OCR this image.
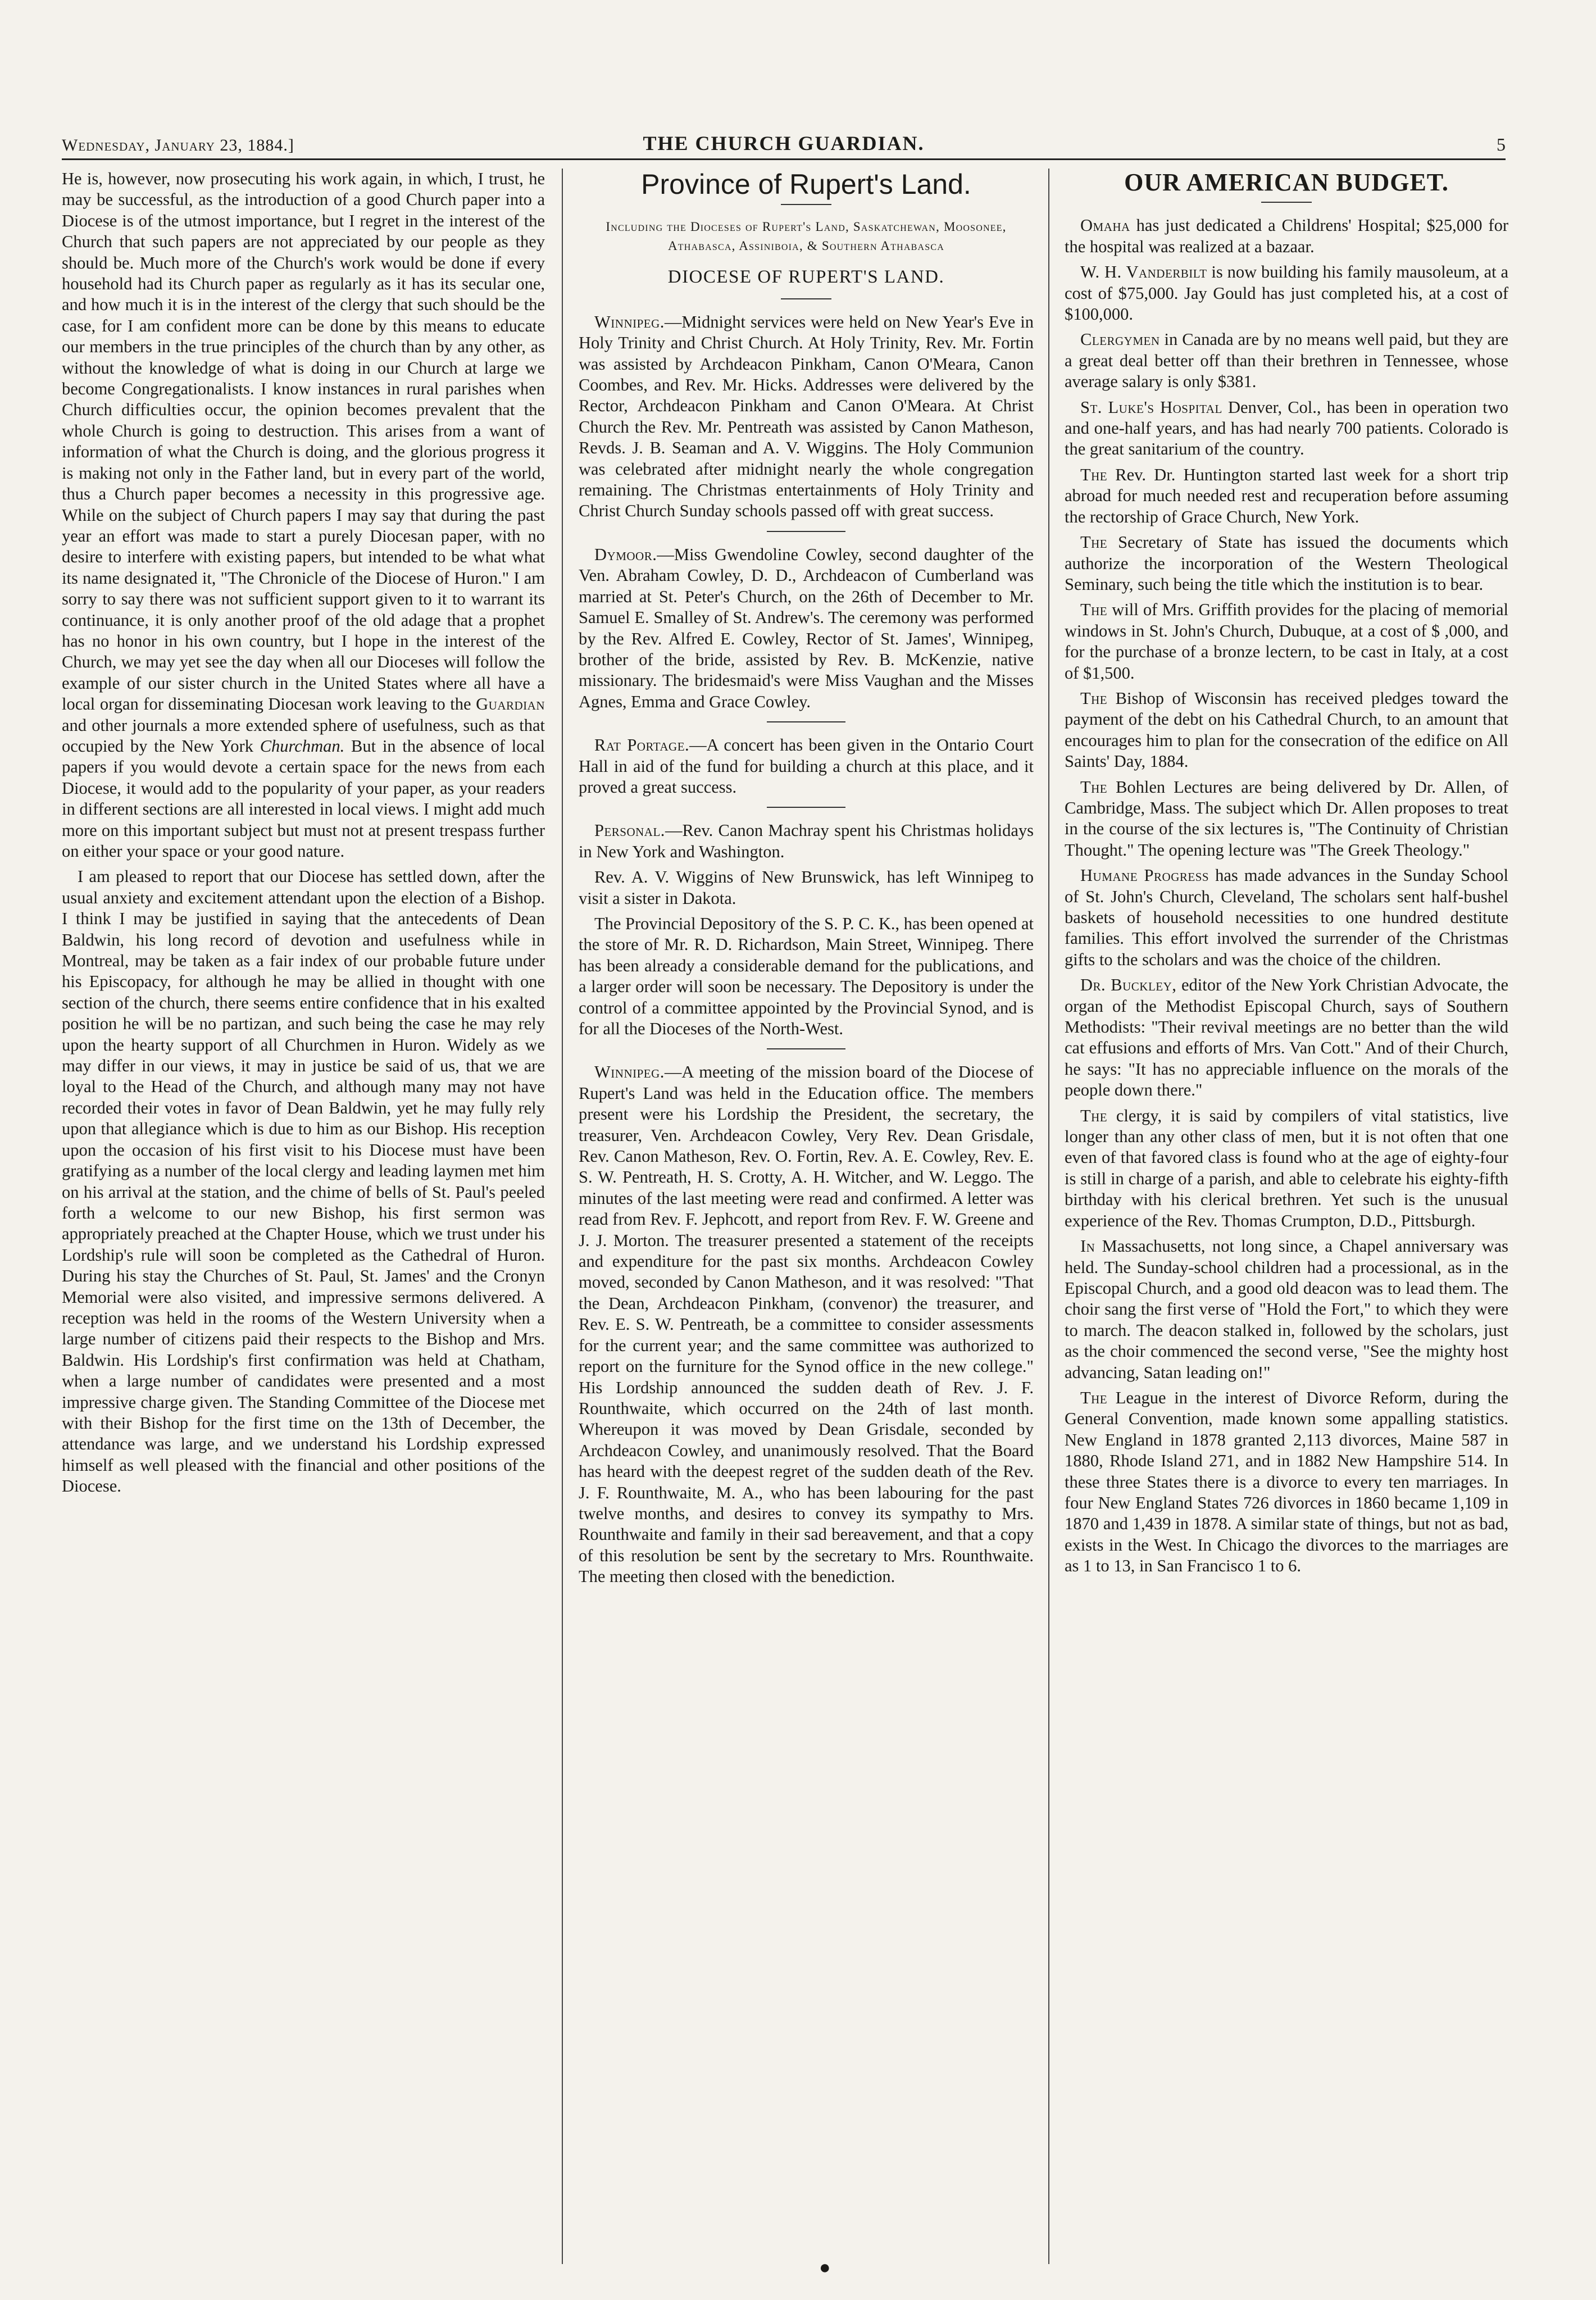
Wednesday, January 23, 1884.]	THE CHURCH GUARDIAN.	5

He is, however, now prosecuting his work again, in which, I trust, he may be successful, as the introduction of a good Church paper into a Diocese is of the utmost importance, but I regret in the interest of the Church that such papers are not appreciated by our people as they should be. Much more of the Church's work would be done if every household had its Church paper as regularly as it has its secular one, and how much it is in the interest of the clergy that such should be the case, for I am confident more can be done by this means to educate our members in the true principles of the church than by any other, as without the knowledge of what is doing in our Church at large we become Congregationalists. I know instances in rural parishes when Church difficulties occur, the opinion becomes prevalent that the whole Church is going to destruction. This arises from a want of information of what the Church is doing, and the glorious progress it is making not only in the Father land, but in every part of the world, thus a Church paper becomes a necessity in this progressive age. While on the subject of Church papers I may say that during the past year an effort was made to start a purely Diocesan paper, with no desire to interfere with existing papers, but intended to be what what its name designated it, "The Chronicle of the Diocese of Huron." I am sorry to say there was not sufficient support given to it to warrant its continuance, it is only another proof of the old adage that a prophet has no honor in his own country, but I hope in the interest of the Church, we may yet see the day when all our Dioceses will follow the example of our sister church in the United States where all have a local organ for disseminating Diocesan work leaving to the Guardian and other journals a more extended sphere of usefulness, such as that occupied by the New York Churchman. But in the absence of local papers if you would devote a certain space for the news from each Diocese, it would add to the popularity of your paper, as your readers in different sections are all interested in local views. I might add much more on this important subject but must not at present trespass further on either your space or your good nature.

I am pleased to report that our Diocese has settled down, after the usual anxiety and excitement attendant upon the election of a Bishop. I think I may be justified in saying that the antecedents of Dean Baldwin, his long record of devotion and usefulness while in Montreal, may be taken as a fair index of our probable future under his Episcopacy, for although he may be allied in thought with one section of the church, there seems entire confidence that in his exalted position he will be no partizan, and such being the case he may rely upon the hearty support of all Churchmen in Huron. Widely as we may differ in our views, it may in justice be said of us, that we are loyal to the Head of the Church, and although many may not have recorded their votes in favor of Dean Baldwin, yet he may fully rely upon that allegiance which is due to him as our Bishop. His reception upon the occasion of his first visit to his Diocese must have been gratifying as a number of the local clergy and leading laymen met him on his arrival at the station, and the chime of bells of St. Paul's peeled forth a welcome to our new Bishop, his first sermon was appropriately preached at the Chapter House, which we trust under his Lordship's rule will soon be completed as the Cathedral of Huron. During his stay the Churches of St. Paul, St. James' and the Cronyn Memorial were also visited, and impressive sermons delivered. A reception was held in the rooms of the Western University when a large number of citizens paid their respects to the Bishop and Mrs. Baldwin. His Lordship's first confirmation was held at Chatham, when a large number of candidates were presented and a most impressive charge given. The Standing Committee of the Diocese met with their Bishop for the first time on the 13th of December, the attendance was large, and we understand his Lordship expressed himself as well pleased with the financial and other positions of the Diocese.

Province of Rupert's Land.
Including the Dioceses of Rupert's Land, Saskatchewan, Moosonee, Athabasca, Assiniboia, & Southern Athabasca
DIOCESE OF RUPERT'S LAND.

Winnipeg.—Midnight services were held on New Year's Eve in Holy Trinity and Christ Church. At Holy Trinity, Rev. Mr. Fortin was assisted by Archdeacon Pinkham, Canon O'Meara, Canon Coombes, and Rev. Mr. Hicks. Addresses were delivered by the Rector, Archdeacon Pinkham and Canon O'Meara. At Christ Church the Rev. Mr. Pentreath was assisted by Canon Matheson, Revds. J. B. Seaman and A. V. Wiggins. The Holy Communion was celebrated after midnight nearly the whole congregation remaining. The Christmas entertainments of Holy Trinity and Christ Church Sunday schools passed off with great success.

Dymoor.—Miss Gwendoline Cowley, second daughter of the Ven. Abraham Cowley, D. D., Archdeacon of Cumberland was married at St. Peter's Church, on the 26th of December to Mr. Samuel E. Smalley of St. Andrew's. The ceremony was performed by the Rev. Alfred E. Cowley, Rector of St. James', Winnipeg, brother of the bride, assisted by Rev. B. McKenzie, native missionary. The bridesmaid's were Miss Vaughan and the Misses Agnes, Emma and Grace Cowley.

Rat Portage.—A concert has been given in the Ontario Court Hall in aid of the fund for building a church at this place, and it proved a great success.

Personal.—Rev. Canon Machray spent his Christmas holidays in New York and Washington.

Rev. A. V. Wiggins of New Brunswick, has left Winnipeg to visit a sister in Dakota.

The Provincial Depository of the S. P. C. K., has been opened at the store of Mr. R. D. Richardson, Main Street, Winnipeg. There has been already a considerable demand for the publications, and a larger order will soon be necessary. The Depository is under the control of a committee appointed by the Provincial Synod, and is for all the Dioceses of the North-West.

Winnipeg.—A meeting of the mission board of the Diocese of Rupert's Land was held in the Education office. The members present were his Lordship the President, the secretary, the treasurer, Ven. Archdeacon Cowley, Very Rev. Dean Grisdale, Rev. Canon Matheson, Rev. O. Fortin, Rev. A. E. Cowley, Rev. E. S. W. Pentreath, H. S. Crotty, A. H. Witcher, and W. Leggo. The minutes of the last meeting were read and confirmed. A letter was read from Rev. F. Jephcott, and report from Rev. F. W. Greene and J. J. Morton. The treasurer presented a statement of the receipts and expenditure for the past six months. Archdeacon Cowley moved, seconded by Canon Matheson, and it was resolved: "That the Dean, Archdeacon Pinkham, (convenor) the treasurer, and Rev. E. S. W. Pentreath, be a committee to consider assessments for the current year; and the same committee was authorized to report on the furniture for the Synod office in the new college." His Lordship announced the sudden death of Rev. J. F. Rounthwaite, which occurred on the 24th of last month. Whereupon it was moved by Dean Grisdale, seconded by Archdeacon Cowley, and unanimously resolved. That the Board has heard with the deepest regret of the sudden death of the Rev. J. F. Rounthwaite, M. A., who has been labouring for the past twelve months, and desires to convey its sympathy to Mrs. Rounthwaite and family in their sad bereavement, and that a copy of this resolution be sent by the secretary to Mrs. Rounthwaite. The meeting then closed with the benediction.

OUR AMERICAN BUDGET.

Omaha has just dedicated a Childrens' Hospital; $25,000 for the hospital was realized at a bazaar.

W. H. Vanderbilt is now building his family mausoleum, at a cost of $75,000. Jay Gould has just completed his, at a cost of $100,000.

Clergymen in Canada are by no means well paid, but they are a great deal better off than their brethren in Tennessee, whose average salary is only $381.

St. Luke's Hospital Denver, Col., has been in operation two and one-half years, and has had nearly 700 patients. Colorado is the great sanitarium of the country.

The Rev. Dr. Huntington started last week for a short trip abroad for much needed rest and recuperation before assuming the rectorship of Grace Church, New York.

The Secretary of State has issued the documents which authorize the incorporation of the Western Theological Seminary, such being the title which the institution is to bear.

The will of Mrs. Griffith provides for the placing of memorial windows in St. John's Church, Dubuque, at a cost of $ ,000, and for the purchase of a bronze lectern, to be cast in Italy, at a cost of $1,500.

The Bishop of Wisconsin has received pledges toward the payment of the debt on his Cathedral Church, to an amount that encourages him to plan for the consecration of the edifice on All Saints' Day, 1884.

The Bohlen Lectures are being delivered by Dr. Allen, of Cambridge, Mass. The subject which Dr. Allen proposes to treat in the course of the six lectures is, "The Continuity of Christian Thought." The opening lecture was "The Greek Theology."

Humane Progress has made advances in the Sunday School of St. John's Church, Cleveland, The scholars sent half-bushel baskets of household necessities to one hundred destitute families. This effort involved the surrender of the Christmas gifts to the scholars and was the choice of the children.

Dr. Buckley, editor of the New York Christian Advocate, the organ of the Methodist Episcopal Church, says of Southern Methodists: "Their revival meetings are no better than the wild cat effusions and efforts of Mrs. Van Cott." And of their Church, he says: "It has no appreciable influence on the morals of the people down there."

The clergy, it is said by compilers of vital statistics, live longer than any other class of men, but it is not often that one even of that favored class is found who at the age of eighty-four is still in charge of a parish, and able to celebrate his eighty-fifth birthday with his clerical brethren. Yet such is the unusual experience of the Rev. Thomas Crumpton, D.D., Pittsburgh.

In Massachusetts, not long since, a Chapel anniversary was held. The Sunday-school children had a processional, as in the Episcopal Church, and a good old deacon was to lead them. The choir sang the first verse of "Hold the Fort," to which they were to march. The deacon stalked in, followed by the scholars, just as the choir commenced the second verse, "See the mighty host advancing, Satan leading on!"

The League in the interest of Divorce Reform, during the General Convention, made known some appalling statistics. New England in 1878 granted 2,113 divorces, Maine 587 in 1880, Rhode Island 271, and in 1882 New Hampshire 514. In these three States there is a divorce to every ten marriages. In four New England States 726 divorces in 1860 became 1,109 in 1870 and 1,439 in 1878. A similar state of things, but not as bad, exists in the West. In Chicago the divorces to the marriages are as 1 to 13, in San Francisco 1 to 6.

●
